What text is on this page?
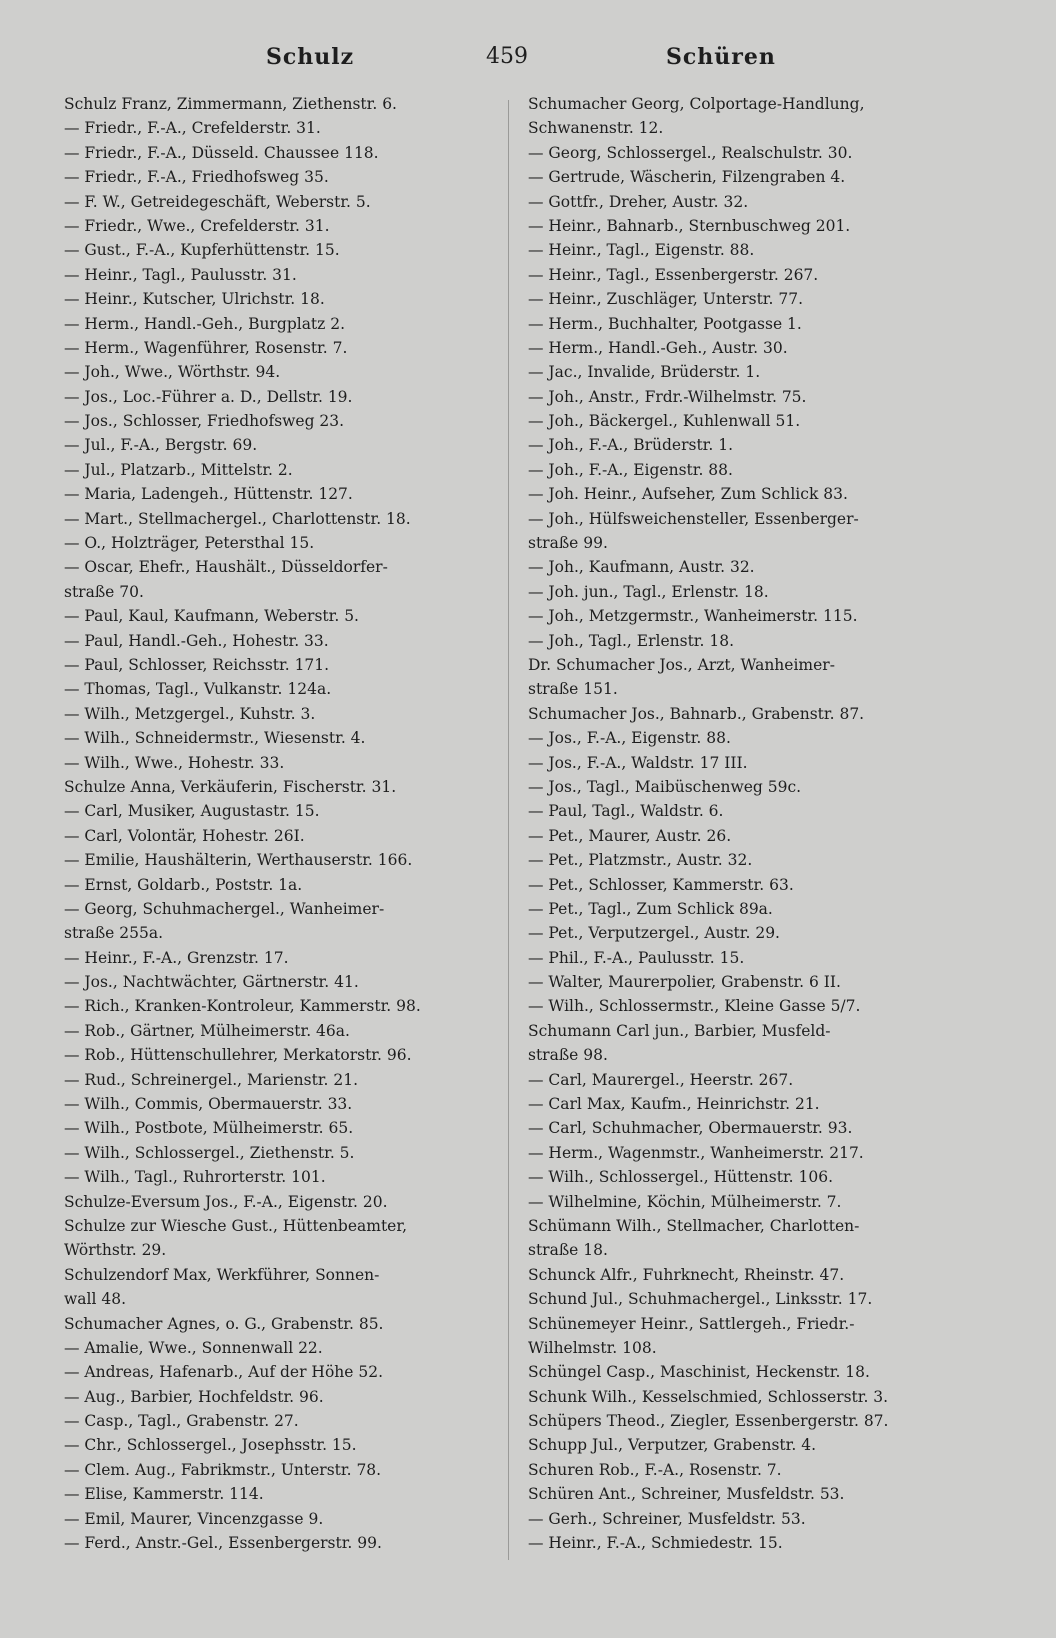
Schulz	459	Schüren
Schulz Franz, Zimmermann, Ziethenstr. 6.
— Friedr., F.-A., Crefelderstr. 31.
— Friedr., F.-A., Düsseld. Chaussee 118.
— Friedr., F.-A., Friedhofsweg 35.
— F. W., Getreidegeschäft, Weberstr. 5.
— Friedr., Wwe., Crefelderstr. 31.
— Gust., F.-A., Kupferhüttenstr. 15.
— Heinr., Tagl., Paulusstr. 31.
— Heinr., Kutscher, Ulrichstr. 18.
— Herm., Handl.-Geh., Burgplatz 2.
— Herm., Wagenführer, Rosenstr. 7.
— Joh., Wwe., Wörthstr. 94.
— Jos., Loc.-Führer a. D., Dellstr. 19.
— Jos., Schlosser, Friedhofsweg 23.
— Jul., F.-A., Bergstr. 69.
— Jul., Platzarb., Mittelstr. 2.
— Maria, Ladengeh., Hüttenstr. 127.
— Mart., Stellmachergel., Charlottenstr. 18.
— O., Holzträger, Petersthal 15.
— Oscar, Ehefr., Haushält., Düsseldorfer-
straße 70.
— Paul, Kaul, Kaufmann, Weberstr. 5.
— Paul, Handl.-Geh., Hohestr. 33.
— Paul, Schlosser, Reichsstr. 171.
— Thomas, Tagl., Vulkanstr. 124a.
— Wilh., Metzgergel., Kuhstr. 3.
— Wilh., Schneidermstr., Wiesenstr. 4.
— Wilh., Wwe., Hohestr. 33.
Schulze Anna, Verkäuferin, Fischerstr. 31.
— Carl, Musiker, Augustastr. 15.
— Carl, Volontär, Hohestr. 26I.
— Emilie, Haushälterin, Werthauserstr. 166.
— Ernst, Goldarb., Poststr. 1a.
— Georg, Schuhmachergel., Wanheimer-
straße 255a.
— Heinr., F.-A., Grenzstr. 17.
— Jos., Nachtwächter, Gärtnerstr. 41.
— Rich., Kranken-Kontroleur, Kammerstr. 98.
— Rob., Gärtner, Mülheimerstr. 46a.
— Rob., Hüttenschullehrer, Merkatorstr. 96.
— Rud., Schreinergel., Marienstr. 21.
— Wilh., Commis, Obermauerstr. 33.
— Wilh., Postbote, Mülheimerstr. 65.
— Wilh., Schlossergel., Ziethenstr. 5.
— Wilh., Tagl., Ruhrorterstr. 101.
Schulze-Eversum Jos., F.-A., Eigenstr. 20.
Schulze zur Wiesche Gust., Hüttenbeamter,
Wörthstr. 29.
Schulzendorf Max, Werkführer, Sonnen-
wall 48.
Schumacher Agnes, o. G., Grabenstr. 85.
— Amalie, Wwe., Sonnenwall 22.
— Andreas, Hafenarb., Auf der Höhe 52.
— Aug., Barbier, Hochfeldstr. 96.
— Casp., Tagl., Grabenstr. 27.
— Chr., Schlossergel., Josephsstr. 15.
— Clem. Aug., Fabrikmstr., Unterstr. 78.
— Elise, Kammerstr. 114.
— Emil, Maurer, Vincenzgasse 9.
— Ferd., Anstr.-Gel., Essenbergerstr. 99.
Schumacher Georg, Colportage-Handlung,
Schwanenstr. 12.
— Georg, Schlossergel., Realschulstr. 30.
— Gertrude, Wäscherin, Filzengraben 4.
— Gottfr., Dreher, Austr. 32.
— Heinr., Bahnarb., Sternbuschweg 201.
— Heinr., Tagl., Eigenstr. 88.
— Heinr., Tagl., Essenbergerstr. 267.
— Heinr., Zuschläger, Unterstr. 77.
— Herm., Buchhalter, Pootgasse 1.
— Herm., Handl.-Geh., Austr. 30.
— Jac., Invalide, Brüderstr. 1.
— Joh., Anstr., Frdr.-Wilhelmstr. 75.
— Joh., Bäckergel., Kuhlenwall 51.
— Joh., F.-A., Brüderstr. 1.
— Joh., F.-A., Eigenstr. 88.
— Joh. Heinr., Aufseher, Zum Schlick 83.
— Joh., Hülfsweichensteller, Essenberger-
straße 99.
— Joh., Kaufmann, Austr. 32.
— Joh. jun., Tagl., Erlenstr. 18.
— Joh., Metzgermstr., Wanheimerstr. 115.
— Joh., Tagl., Erlenstr. 18.
Dr. Schumacher Jos., Arzt, Wanheimer-
straße 151.
Schumacher Jos., Bahnarb., Grabenstr. 87.
— Jos., F.-A., Eigenstr. 88.
— Jos., F.-A., Waldstr. 17 III.
— Jos., Tagl., Maibüschenweg 59c.
— Paul, Tagl., Waldstr. 6.
— Pet., Maurer, Austr. 26.
— Pet., Platzmstr., Austr. 32.
— Pet., Schlosser, Kammerstr. 63.
— Pet., Tagl., Zum Schlick 89a.
— Pet., Verputzergel., Austr. 29.
— Phil., F.-A., Paulusstr. 15.
— Walter, Maurerpolier, Grabenstr. 6 II.
— Wilh., Schlossermstr., Kleine Gasse 5/7.
Schumann Carl jun., Barbier, Musfeld-
straße 98.
— Carl, Maurergel., Heerstr. 267.
— Carl Max, Kaufm., Heinrichstr. 21.
— Carl, Schuhmacher, Obermauerstr. 93.
— Herm., Wagenmstr., Wanheimerstr. 217.
— Wilh., Schlossergel., Hüttenstr. 106.
— Wilhelmine, Köchin, Mülheimerstr. 7.
Schümann Wilh., Stellmacher, Charlotten-
straße 18.
Schunck Alfr., Fuhrknecht, Rheinstr. 47.
Schund Jul., Schuhmachergel., Linksstr. 17.
Schünemeyer Heinr., Sattlergeh., Friedr.-
Wilhelmstr. 108.
Schüngel Casp., Maschinist, Heckenstr. 18.
Schunk Wilh., Kesselschmied, Schlosserstr. 3.
Schüpers Theod., Ziegler, Essenbergerstr. 87.
Schupp Jul., Verputzer, Grabenstr. 4.
Schuren Rob., F.-A., Rosenstr. 7.
Schüren Ant., Schreiner, Musfeldstr. 53.
— Gerh., Schreiner, Musfeldstr. 53.
— Heinr., F.-A., Schmiedestr. 15.
